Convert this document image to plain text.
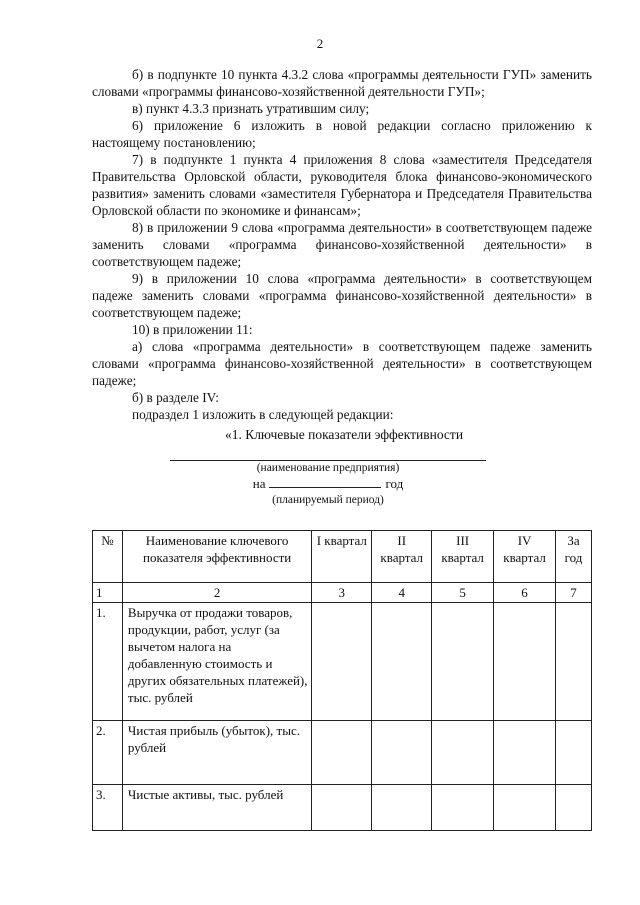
2

б) в подпункте 10 пункта 4.3.2 слова «программы деятельности ГУП» заменить словами «программы финансово-хозяйственной деятельности ГУП»;

в) пункт 4.3.3 признать утратившим силу;

6) приложение 6 изложить в новой редакции согласно приложению к настоящему постановлению;

7) в подпункте 1 пункта 4 приложения 8 слова «заместителя Председателя Правительства Орловской области, руководителя блока финансово-экономического развития» заменить словами «заместителя Губернатора и Председателя Правительства Орловской области по экономике и финансам»;

8) в приложении 9 слова «программа деятельности» в соответствующем падеже заменить словами «программа финансово-хозяйственной деятельности» в соответствующем падеже;

9) в приложении 10 слова «программа деятельности» в соответствующем падеже заменить словами «программа финансово-хозяйственной деятельности» в соответствующем падеже;

10) в приложении 11:

а) слова «программа деятельности» в соответствующем падеже заменить словами «программа финансово-хозяйственной деятельности» в соответствующем падеже;

б) в разделе IV:

подраздел 1 изложить в следующей редакции:

«1. Ключевые показатели эффективности
(наименование предприятия)
на	год
(планируемый период)
№	Наименование ключевого показателя эффективности	I квартал	II квартал	III квартал	IV квартал	За год
1	2	3	4	5	6	7
1.	Выручка от продажи товаров, продукции, работ, услуг (за вычетом налога на добавленную стоимость и других обязательных платежей), тыс. рублей					
2.	Чистая прибыль (убыток), тыс. рублей					
3.	Чистые активы, тыс. рублей					
